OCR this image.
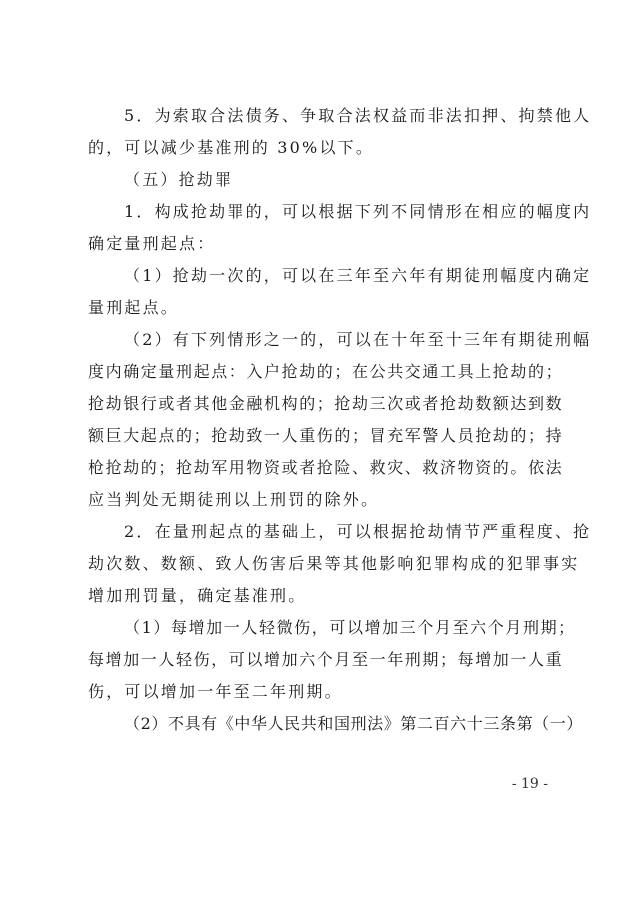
5．为索取合法债务、争取合法权益而非法扣押、拘禁他人
的，可以减少基准刑的 30%以下。
（五）抢劫罪
1．构成抢劫罪的，可以根据下列不同情形在相应的幅度内
确定量刑起点：
（1）抢劫一次的，可以在三年至六年有期徒刑幅度内确定
量刑起点。
（2）有下列情形之一的，可以在十年至十三年有期徒刑幅
度内确定量刑起点：入户抢劫的；在公共交通工具上抢劫的；
抢劫银行或者其他金融机构的；抢劫三次或者抢劫数额达到数
额巨大起点的；抢劫致一人重伤的；冒充军警人员抢劫的；持
枪抢劫的；抢劫军用物资或者抢险、救灾、救济物资的。依法
应当判处无期徒刑以上刑罚的除外。
2．在量刑起点的基础上，可以根据抢劫情节严重程度、抢
劫次数、数额、致人伤害后果等其他影响犯罪构成的犯罪事实
增加刑罚量，确定基准刑。
（1）每增加一人轻微伤，可以增加三个月至六个月刑期；
每增加一人轻伤，可以增加六个月至一年刑期；每增加一人重
伤，可以增加一年至二年刑期。
（2）不具有《中华人民共和国刑法》第二百六十三条第（一）
- 19 -
